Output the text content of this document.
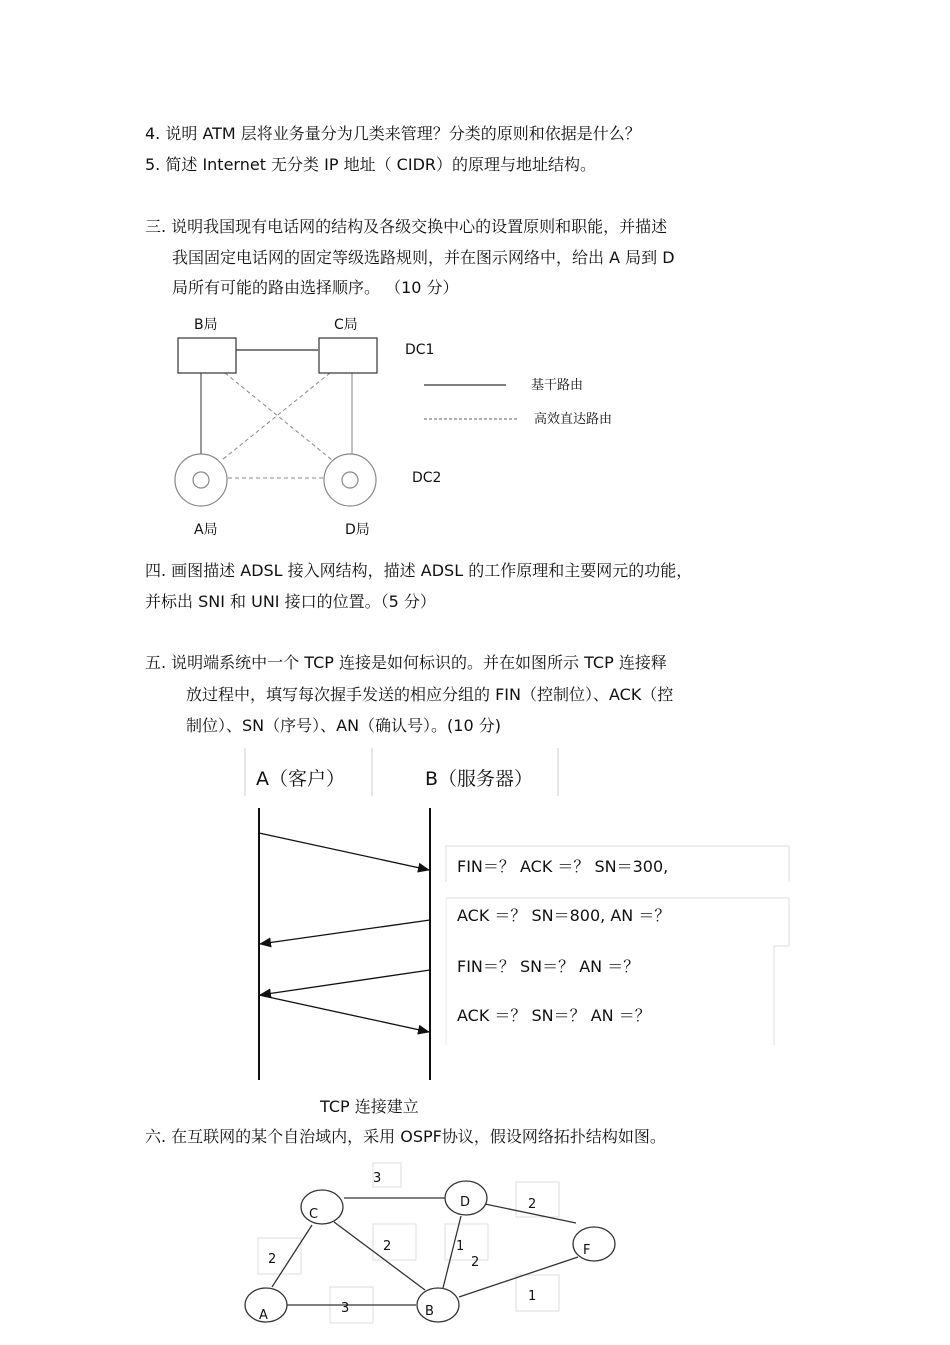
4. 说明 ATM 层将业务量分为几类来管理？分类的原则和依据是什么？
5. 简述 Internet 无分类 IP 地址（ CIDR）的原理与地址结构。
三. 说明我国现有电话网的结构及各级交换中心的设置原则和职能，并描述
我国固定电话网的固定等级选路规则，并在图示网络中，给出 A 局到 D
局所有可能的路由选择顺序。 （10 分）
B局	C局
A局	D局
DC1
DC2
基干路由
高效直达路由
四. 画图描述 ADSL 接入网结构，描述 ADSL 的工作原理和主要网元的功能，
并标出 SNI 和 UNI 接口的位置。（5 分）
五. 说明端系统中一个 TCP 连接是如何标识的。并在如图所示 TCP 连接释
放过程中，填写每次握手发送的相应分组的 FIN（控制位）、ACK（控
制位）、SN（序号）、AN（确认号）。(10 分)
A（客户）	B（服务器）
FIN＝？ ACK ＝？ SN＝300,
ACK ＝？ SN＝800, AN ＝？
FIN＝？ SN＝？ AN ＝？
ACK ＝？ SN＝？ AN ＝？
TCP 连接建立
六. 在互联网的某个自治域内，采用 OSPF协议，假设网络拓扑结构如图。
C
D
F
A	B
3
2
2
2	1
2
3
1
